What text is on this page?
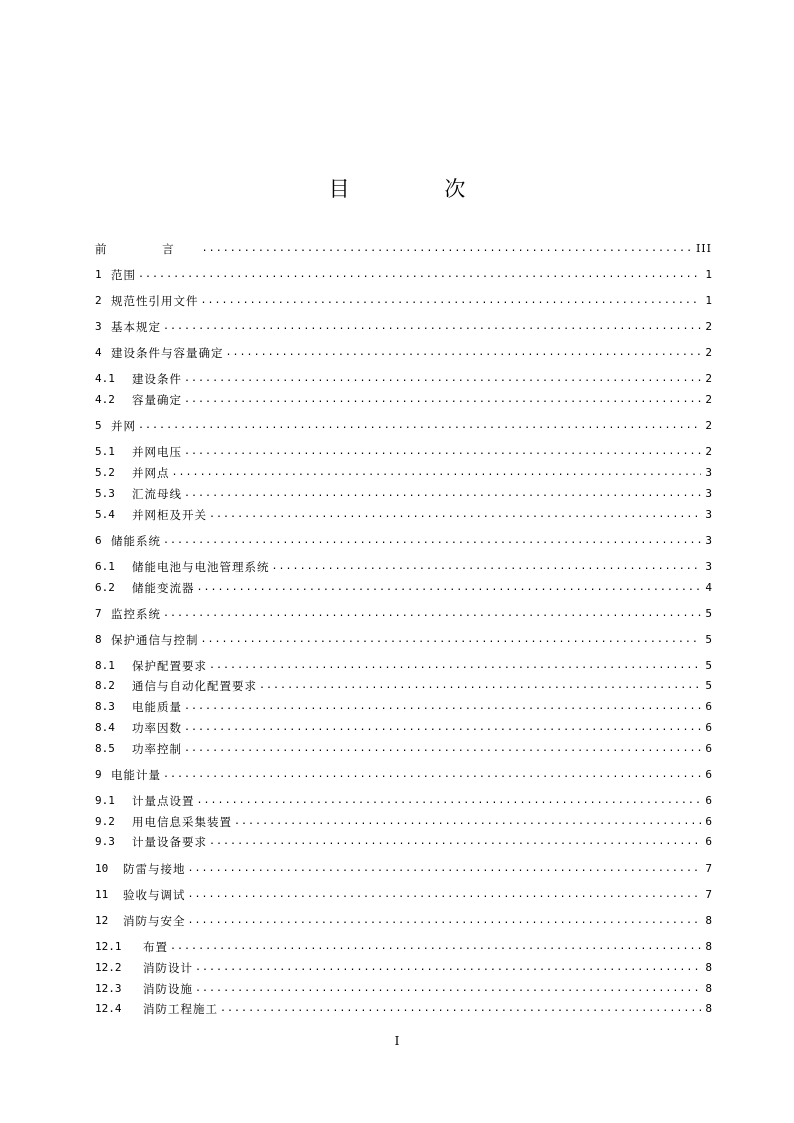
目 次
前 言 .....	III
1 范围 .....	1
2 规范性引用文件 .....	1
3 基本规定 .....	2
4 建设条件与容量确定 .....	2
4.1	建设条件 .....	2
4.2	容量确定 .....	2
5 并网 .....	2
5.1	并网电压 .....	2
5.2	并网点 .....	3
5.3	汇流母线 .....	3
5.4	并网柜及开关 .....	3
6 储能系统 .....	3
6.1	储能电池与电池管理系统 .....	3
6.2	储能变流器 .....	4
7 监控系统 .....	5
8 保护通信与控制 .....	5
8.1	保护配置要求 .....	5
8.2	通信与自动化配置要求 .....	5
8.3	电能质量 .....	6
8.4	功率因数 .....	6
8.5	功率控制 .....	6
9 电能计量 .....	6
9.1	计量点设置 .....	6
9.2	用电信息采集装置 .....	6
9.3	计量设备要求 .....	6
10	防雷与接地 .....	7
11	验收与调试 .....	7
12	消防与安全 .....	8
12.1	布置 .....	8
12.2	消防设计 .....	8
12.3	消防设施 .....	8
12.4	消防工程施工 .....	8
I
